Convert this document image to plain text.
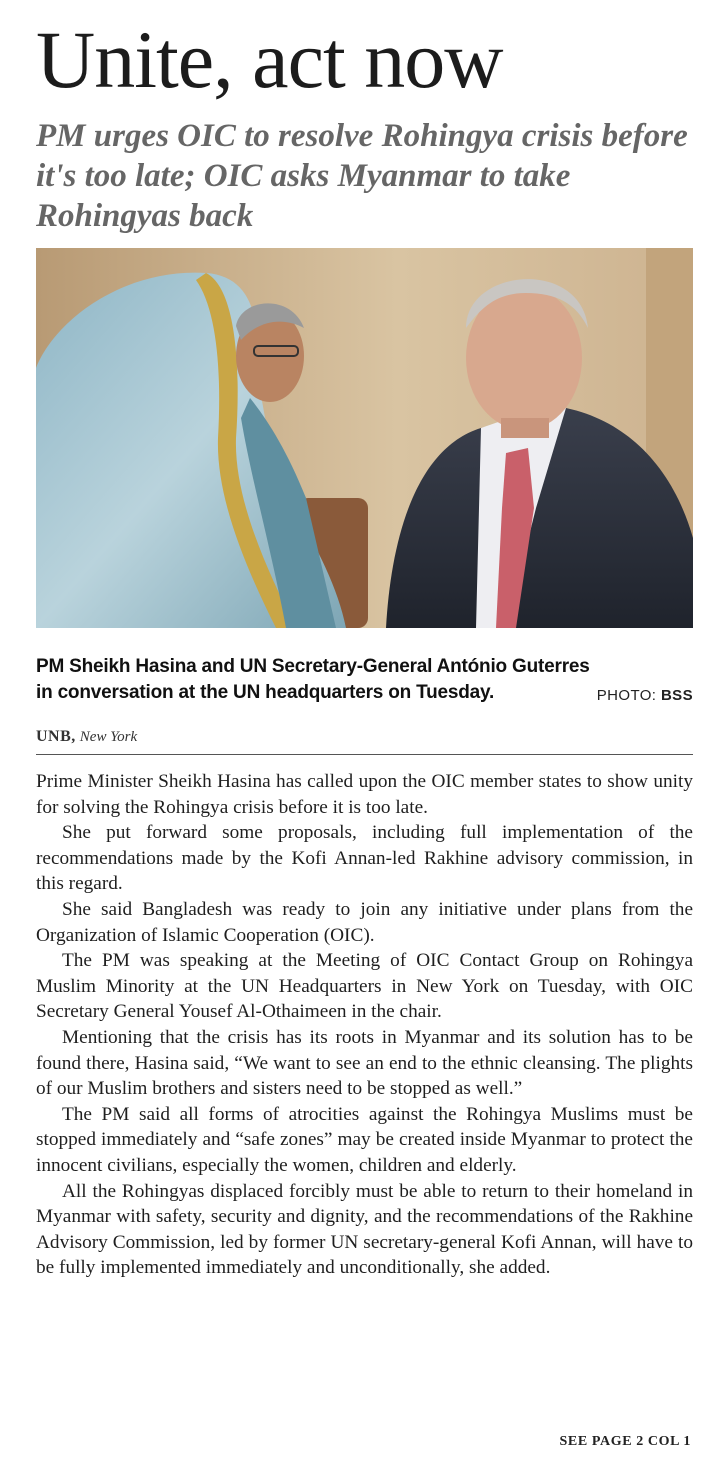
Unite, act now
PM urges OIC to resolve Rohingya crisis before it's too late; OIC asks Myanmar to take Rohingyas back
PM Sheikh Hasina and UN Secretary-General António Guterres
in conversation at the UN headquarters on Tuesday.	PHOTO: BSS
UNB, New York

Prime Minister Sheikh Hasina has called upon the OIC member states to show unity for solving the Rohingya crisis before it is too late.

She put forward some proposals, including full implementation of the recommendations made by the Kofi Annan-led Rakhine advisory commission, in this regard.

She said Bangladesh was ready to join any initiative under plans from the Organization of Islamic Cooperation (OIC).

The PM was speaking at the Meeting of OIC Contact Group on Rohingya Muslim Minority at the UN Headquarters in New York on Tuesday, with OIC Secretary General Yousef Al-Othaimeen in the chair.

Mentioning that the crisis has its roots in Myanmar and its solution has to be found there, Hasina said, “We want to see an end to the ethnic cleansing. The plights of our Muslim brothers and sisters need to be stopped as well.”

The PM said all forms of atrocities against the Rohingya Muslims must be stopped immediately and “safe zones” may be created inside Myanmar to protect the innocent civilians, especially the women, children and elderly.

All the Rohingyas displaced forcibly must be able to return to their homeland in Myanmar with safety, security and dignity, and the recommendations of the Rakhine Advisory Commission, led by former UN secretary-general Kofi Annan, will have to be fully implemented immediately and unconditionally, she added.

SEE PAGE 2 COL 1
